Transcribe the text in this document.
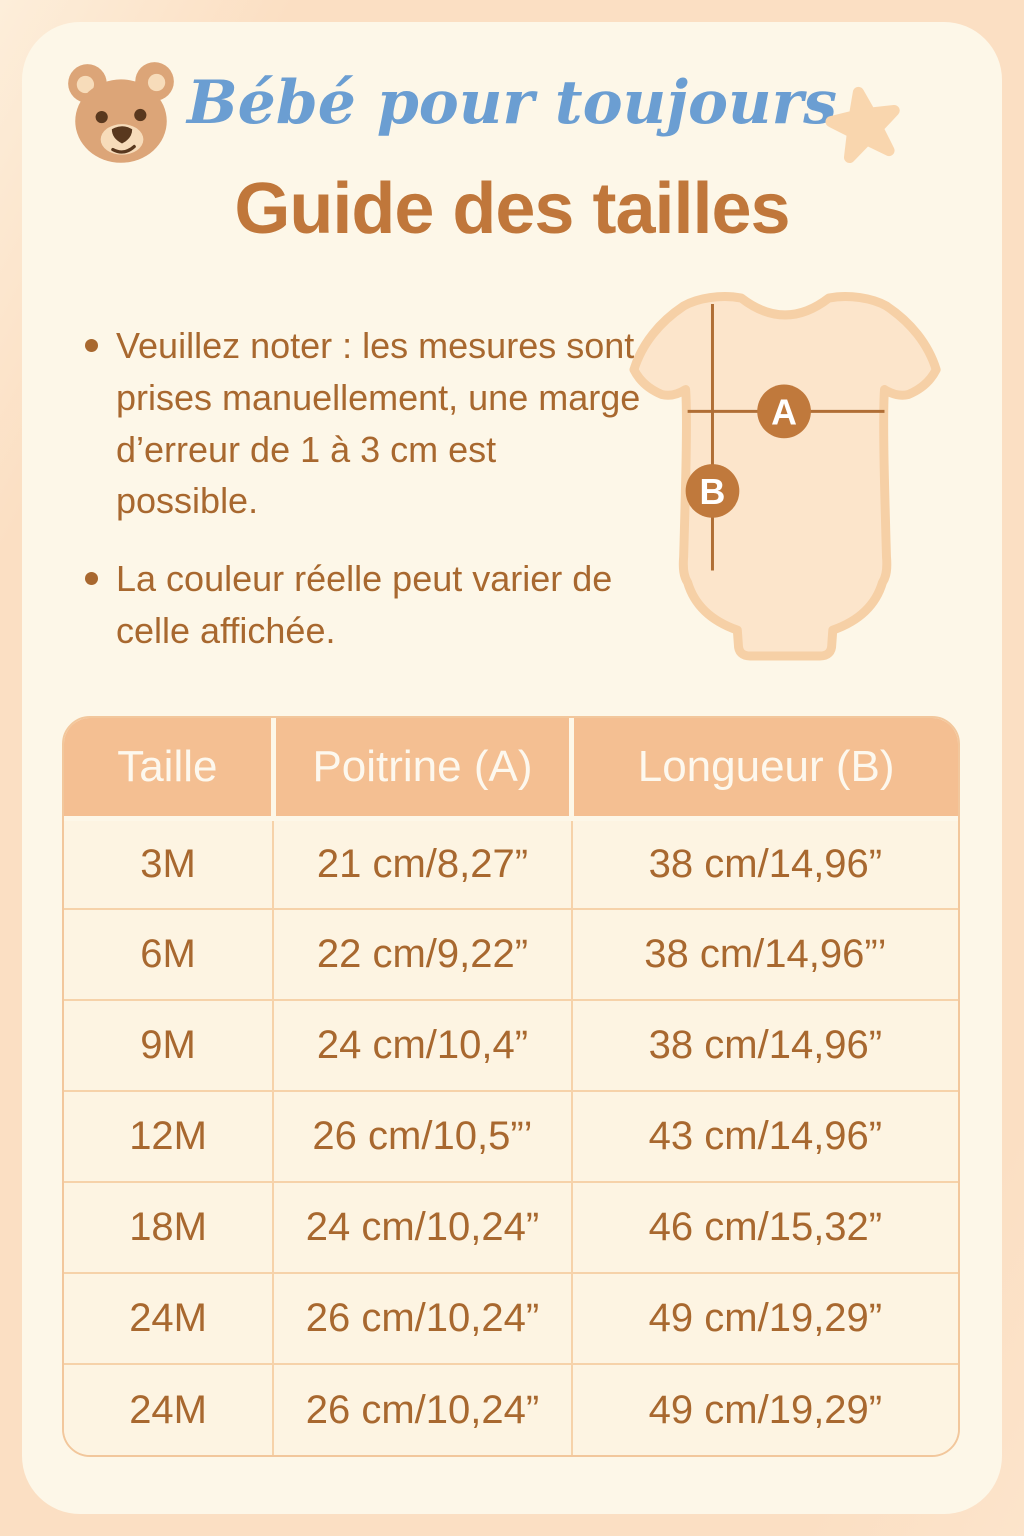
Bébé pour toujours
Guide des tailles
Veuillez noter : les mesures sont prises manuellement, une marge d’erreur de 1 à 3 cm est possible.
La couleur réelle peut varier de celle affichée.
A
B
Taille	Poitrine (A)	Longueur (B)
3M	21 cm/8,27”	38 cm/14,96”
6M	22 cm/9,22”	38 cm/14,96”’
9M	24 cm/10,4”	38 cm/14,96”
12M	26 cm/10,5”’	43 cm/14,96”
18M	24 cm/10,24”	46 cm/15,32”
24M	26 cm/10,24”	49 cm/19,29”
24M	26 cm/10,24”	49 cm/19,29”
